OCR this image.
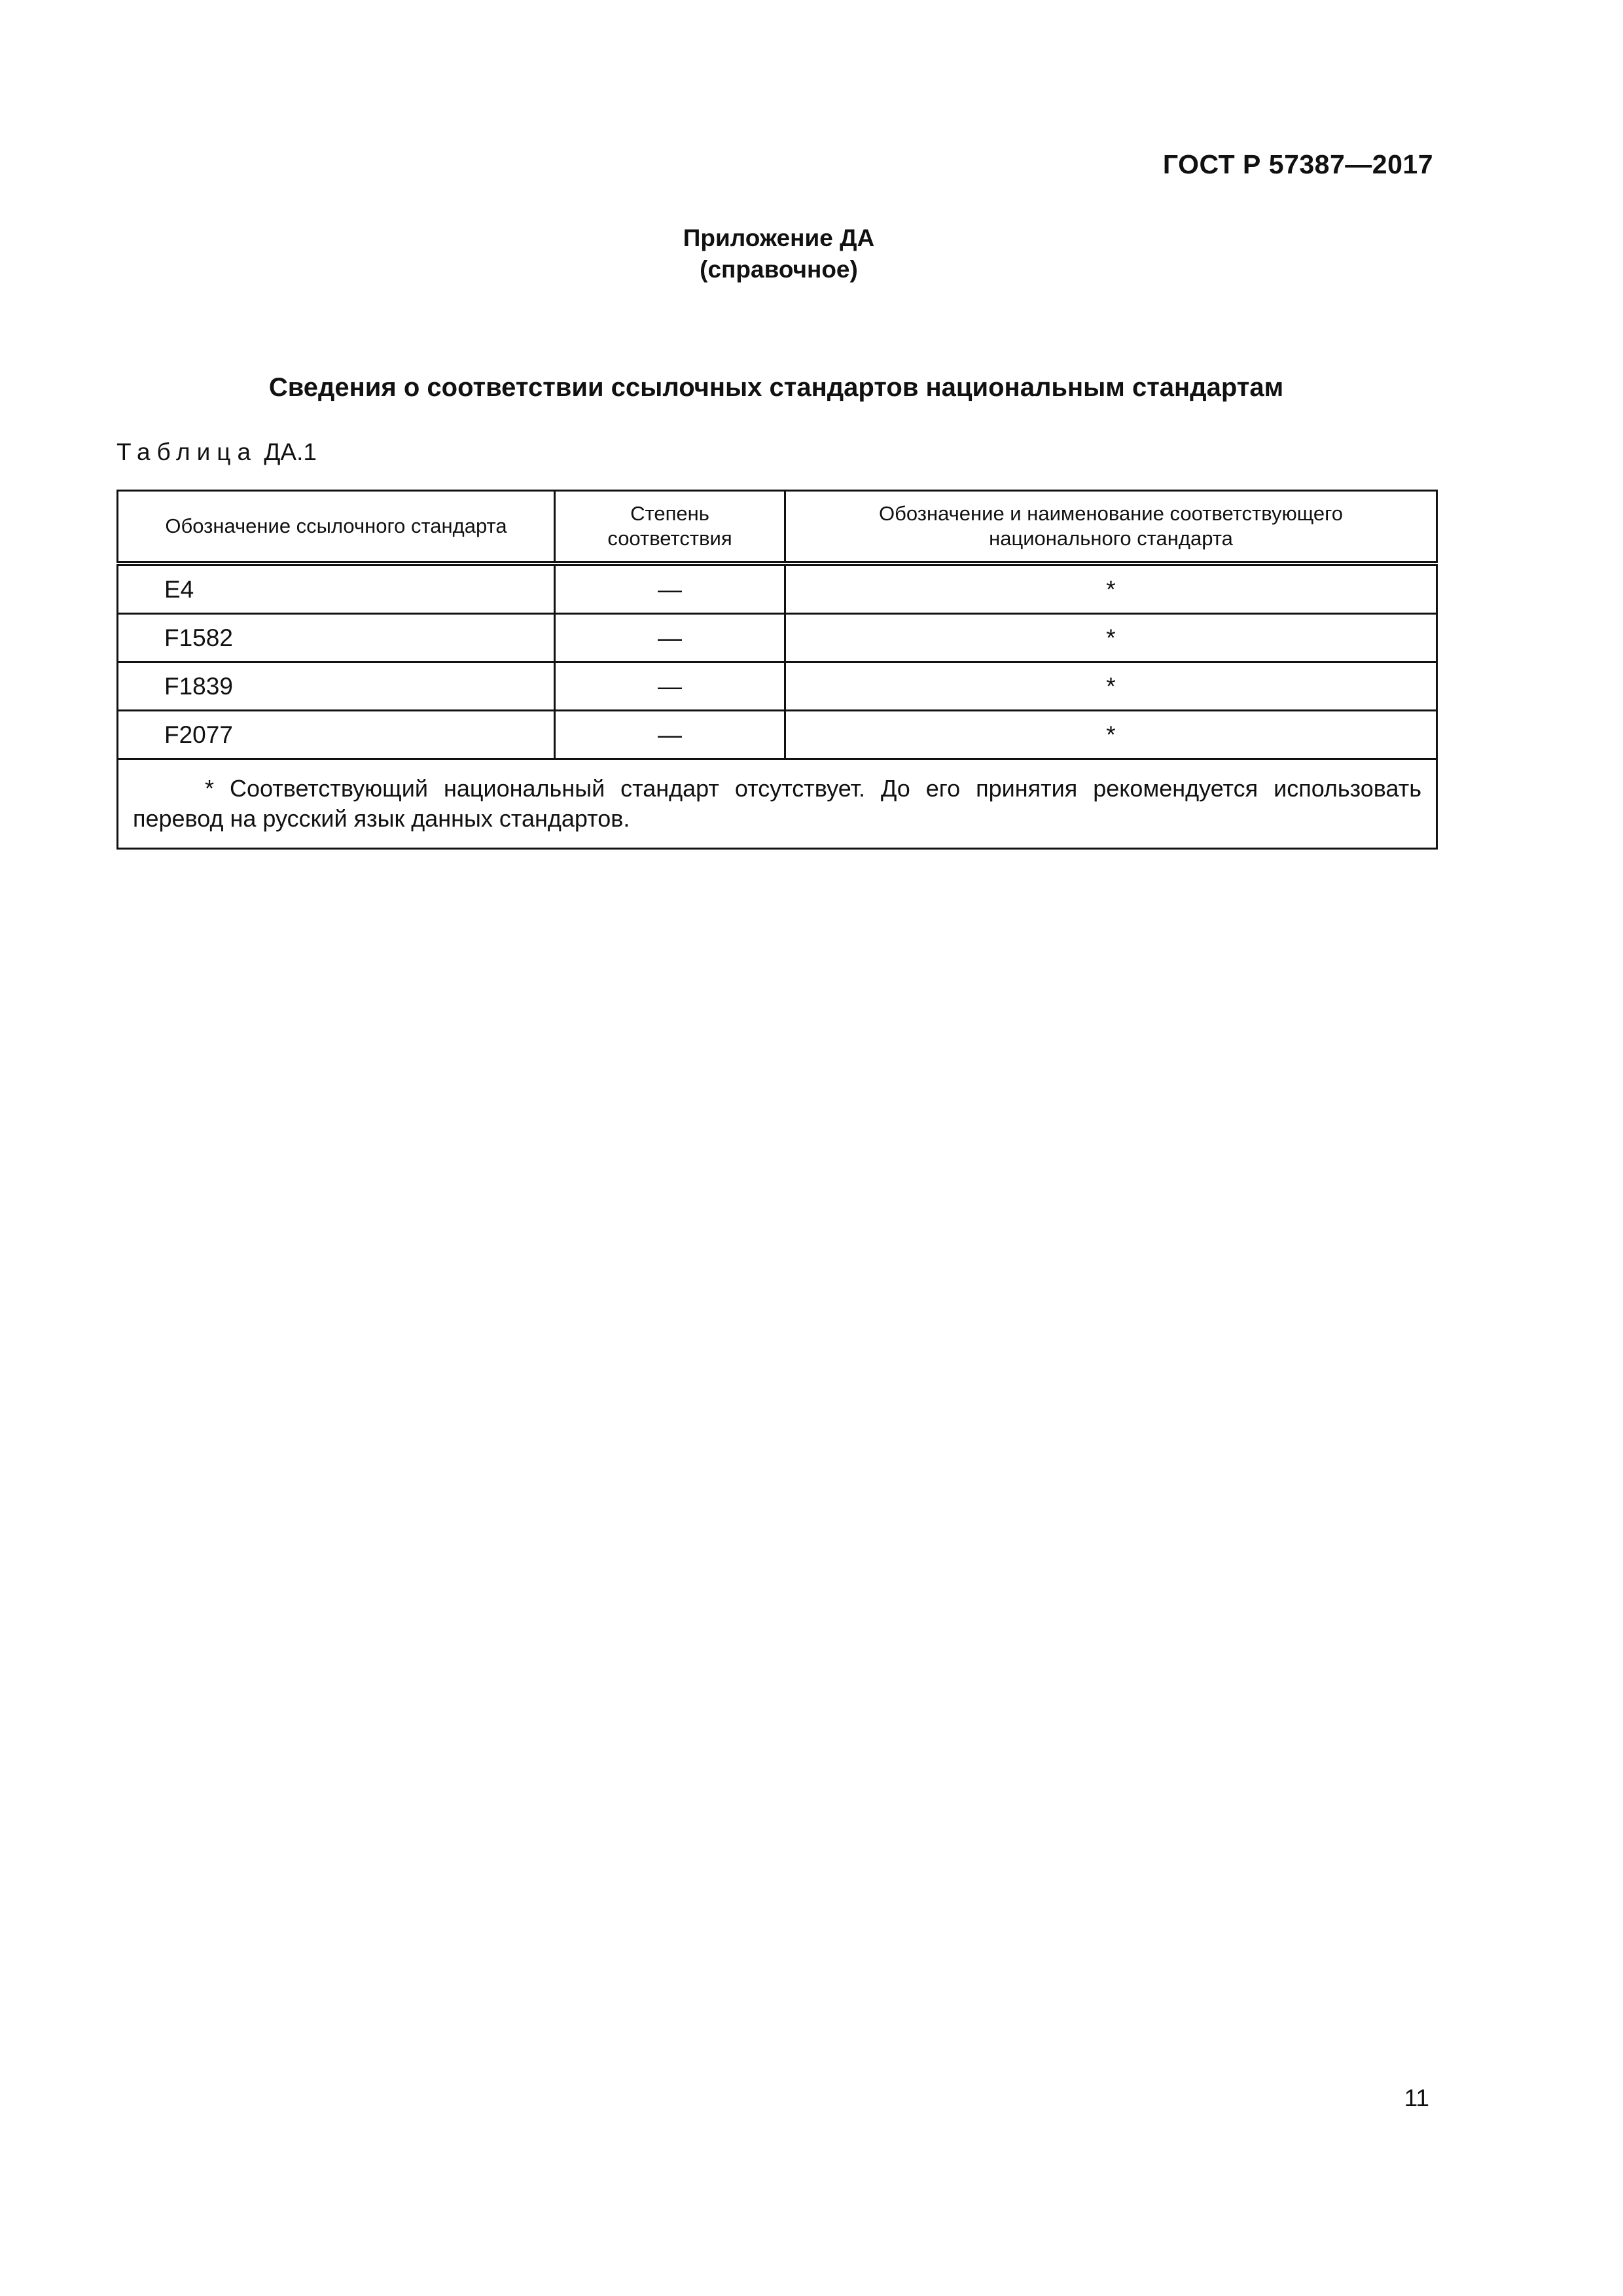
ГОСТ Р 57387—2017
Приложение ДА
(справочное)
Сведения о соответствии ссылочных стандартов национальным стандартам
Таблица ДА.1
Обозначение ссылочного стандарта	Степень соответствия	Обозначение и наименование соответствующего национального стандарта
E4	—	*
F1582	—	*
F1839	—	*
F2077	—	*
* Соответствующий национальный стандарт отсутствует. До его принятия рекомендуется использовать перевод на русский язык данных стандартов.		
11
